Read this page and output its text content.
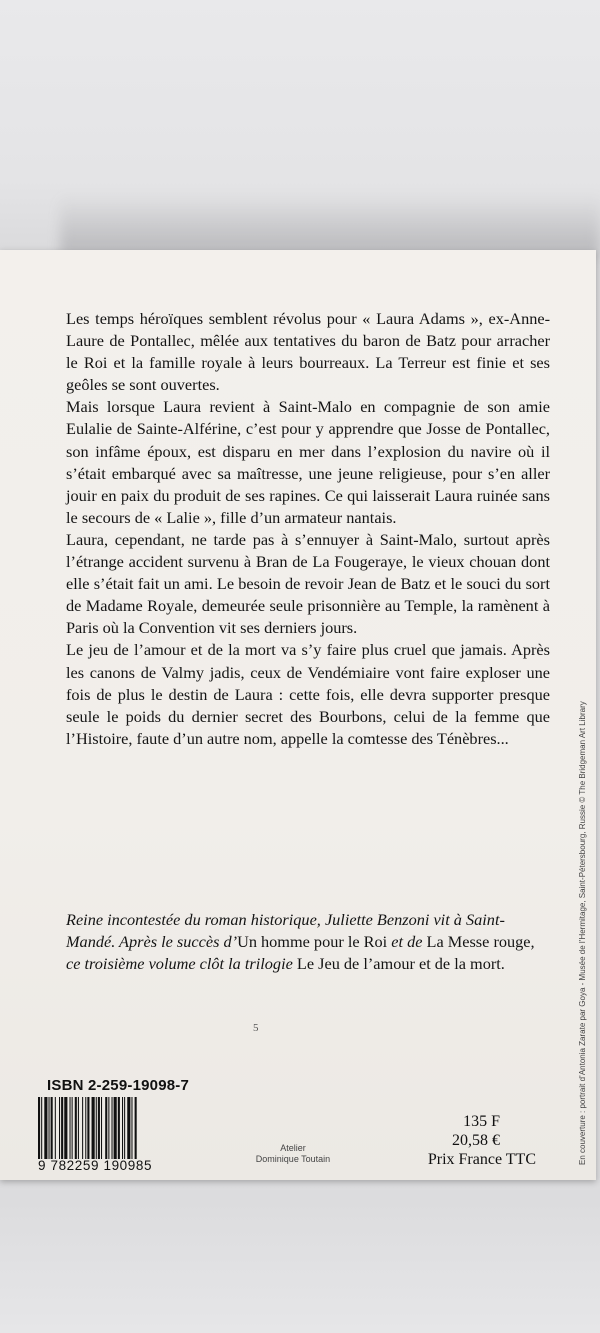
Les temps héroïques semblent révolus pour « Laura Adams », ex-Anne-Laure de Pontallec, mêlée aux tentatives du baron de Batz pour arracher le Roi et la famille royale à leurs bourreaux. La Terreur est finie et ses geôles se sont ouvertes.

Mais lorsque Laura revient à Saint-Malo en compagnie de son amie Eulalie de Sainte-Alférine, c’est pour y apprendre que Josse de Pontallec, son infâme époux, est disparu en mer dans l’explosion du navire où il s’était embarqué avec sa maîtresse, une jeune religieuse, pour s’en aller jouir en paix du produit de ses rapines. Ce qui laisserait Laura ruinée sans le secours de « Lalie », fille d’un armateur nantais.

Laura, cependant, ne tarde pas à s’ennuyer à Saint-Malo, surtout après l’étrange accident survenu à Bran de La Fougeraye, le vieux chouan dont elle s’était fait un ami. Le besoin de revoir Jean de Batz et le souci du sort de Madame Royale, demeurée seule prisonnière au Temple, la ramènent à Paris où la Convention vit ses derniers jours.

Le jeu de l’amour et de la mort va s’y faire plus cruel que jamais. Après les canons de Valmy jadis, ceux de Vendémiaire vont faire exploser une fois de plus le destin de Laura : cette fois, elle devra supporter presque seule le poids du dernier secret des Bourbons, celui de la femme que l’Histoire, faute d’un autre nom, appelle la comtesse des Ténèbres...

Reine incontestée du roman historique, Juliette Benzoni vit à Saint-Mandé. Après le succès d’Un homme pour le Roi et de La Messe rouge, ce troisième volume clôt la trilogie Le Jeu de l’amour et de la mort.
5
ISBN 2-259-19098-7
9 782259 190985
Atelier
Dominique Toutain
135 F
20,58 €
Prix France TTC	En couverture : portrait d’Antonia Zarate par Goya - Musée de l’Hermitage, Saint-Pétersbourg, Russie © The Bridgeman Art Library
